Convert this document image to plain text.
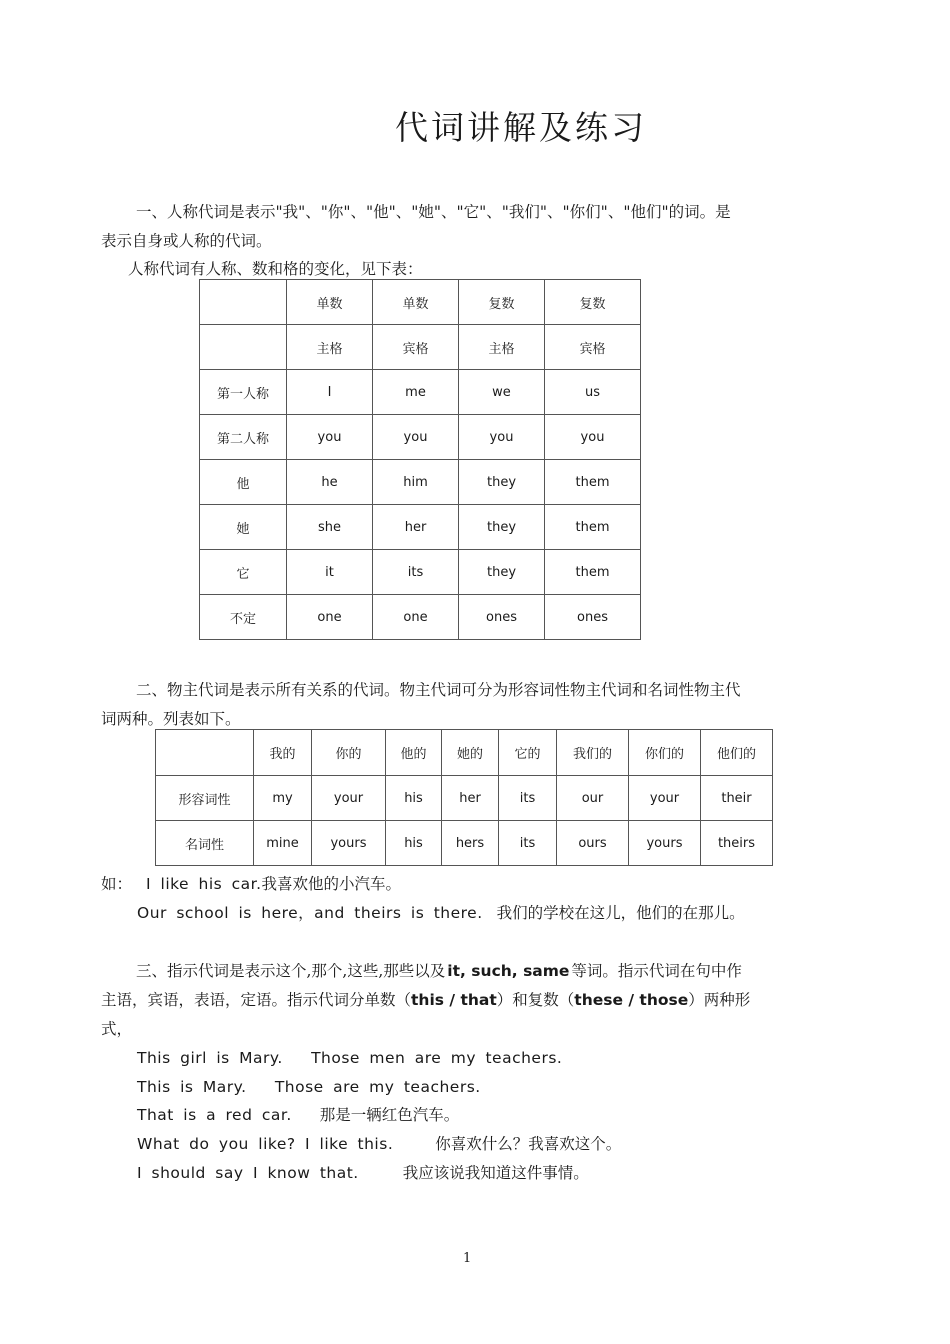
代词讲解及练习
一、人称代词是表示"我"、"你"、"他"、"她"、"它"、"我们"、"你们"、"他们"的词。是
表示自身或人称的代词。
人称代词有人称、数和格的变化，见下表：
	单数	单数	复数	复数
	主格	宾格	主格	宾格
第一人称	I	me	we	us
第二人称	you	you	you	you
他	he	him	they	them
她	she	her	they	them
它	it	its	they	them
不定	one	one	ones	ones
二、物主代词是表示所有关系的代词。物主代词可分为形容词性物主代词和名词性物主代
词两种。列表如下。
	我的	你的	他的	她的	它的	我们的	你们的	他们的
形容词性	my	your	his	her	its	our	your	their
名词性	mine	yours	his	hers	its	ours	yours	theirs
如： I like his car.我喜欢他的小汽车。
Our school is here，and theirs is there. 我们的学校在这儿，他们的在那儿。
三、指示代词是表示这个,那个,这些,那些以及 it, such, same 等词。指示代词在句中作
主语，宾语，表语，定语。指示代词分单数（this / that）和复数（these / those）两种形
式，
This girl is Mary.   Those men are my teachers.
This is Mary.   Those are my teachers.
That is a red car. 那是一辆红色汽车。
What do you like? I like this.	你喜欢什么？我喜欢这个。
I should say I know that.	我应该说我知道这件事情。
1
